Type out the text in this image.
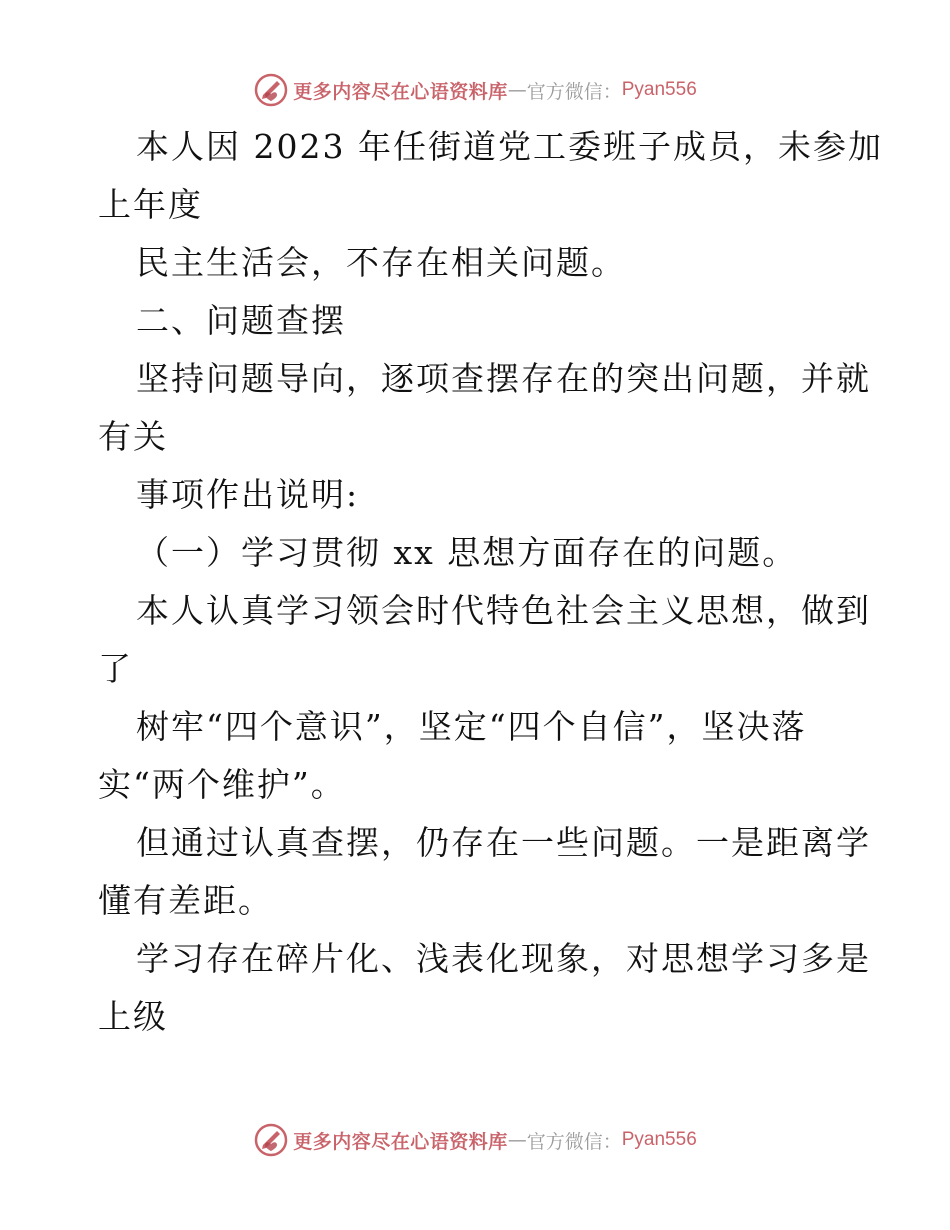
更多内容尽在心语资料库 — 官方微信： Pyan556
本人因 2023 年任街道党工委班子成员，未参加
上年度
民主生活会，不存在相关问题。
二、问题查摆
坚持问题导向，逐项查摆存在的突出问题，并就
有关
事项作出说明:
（一）学习贯彻 xx 思想方面存在的问题。
本人认真学习领会时代特色社会主义思想，做到
了
树牢“四个意识”，坚定“四个自信”，坚决落
实“两个维护”。
但通过认真查摆，仍存在一些问题。一是距离学
懂有差距。
学习存在碎片化、浅表化现象，对思想学习多是
上级
更多内容尽在心语资料库 — 官方微信： Pyan556
